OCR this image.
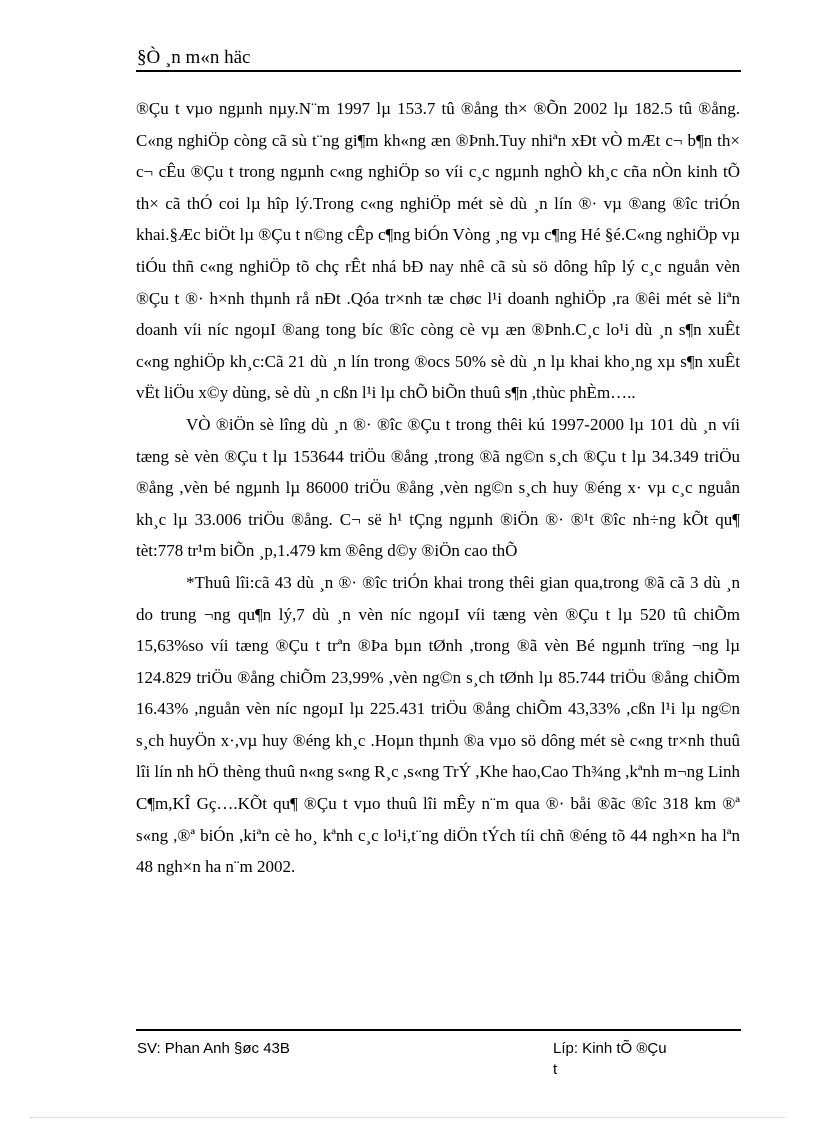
§Ò ¸n m«n häc

®Çu t vµo ngµnh nµy.N¨m 1997 lµ 153.7 tû ®ång th× ®Õn 2002 lµ 182.5 tû ®ång. C«ng nghiÖp còng cã sù t¨ng gi¶m kh«ng æn ®Þnh.Tuy nhiªn xÐt vÒ mÆt c¬ b¶n th× c¬ cÊu ®Çu t trong ngµnh c«ng nghiÖp so víi c¸c ngµnh nghÒ kh¸c cña nÒn kinh tÕ th× cã thÓ coi lµ hîp lý.Trong c«ng nghiÖp mét sè dù ¸n lín ®· vµ ®ang ®îc triÓn khai.§Æc biÖt lµ ®Çu t n©ng cÊp c¶ng biÓn Vòng ¸ng vµ c¶ng Hé §é.C«ng nghiÖp vµ tiÓu thñ c«ng nghiÖp tõ chç rÊt nhá bÐ nay nhê cã sù sö dông hîp lý c¸c nguån vèn ®Çu t ®· h×nh thµnh rå nÐt .Qóa tr×nh tæ chøc l¹i doanh nghiÖp ,ra ®êi mét sè liªn doanh víi níc ngoµI ®ang tong bíc ®îc còng cè vµ æn ®Þnh.C¸c lo¹i dù ¸n s¶n xuÊt c«ng nghiÖp kh¸c:Cã 21 dù ¸n lín trong ®ocs 50% sè dù ¸n lµ khai kho¸ng xµ s¶n xuÊt vËt liÖu x©y dùng, sè dù ¸n cßn l¹i lµ chÕ biÕn thuû s¶n ,thùc phÈm…..

VÒ ®iÖn sè lîng dù ¸n ®· ®îc ®Çu t trong thêi kú 1997-2000 lµ 101 dù ¸n víi tæng sè vèn ®Çu t lµ 153644 triÖu ®ång ,trong ®ã ng©n s¸ch ®Çu t lµ 34.349 triÖu ®ång ,vèn bé ngµnh lµ 86000 triÖu ®ång ,vèn ng©n s¸ch huy ®éng x· vµ c¸c nguån kh¸c lµ 33.006 triÖu ®ång. C¬ së h¹ tÇng ngµnh ®iÖn ®· ®¹t ®îc nh÷ng kÕt qu¶ tèt:778 tr¹m biÕn ¸p,1.479 km ®êng d©y ®iÖn cao thÕ

*Thuû lîi:cã 43 dù ¸n ®· ®îc triÓn khai trong thêi gian qua,trong ®ã cã 3 dù ¸n do trung ¬ng qu¶n lý,7 dù ¸n vèn níc ngoµI víi tæng vèn ®Çu t lµ 520 tû chiÕm 15,63%so víi tæng ®Çu t trªn ®Þa bµn tØnh ,trong ®ã vèn Bé ngµnh trïng ¬ng lµ 124.829 triÖu ®ång chiÕm 23,99% ,vèn ng©n s¸ch tØnh lµ 85.744 triÖu ®ång chiÕm 16.43% ,nguån vèn níc ngoµI lµ 225.431 triÖu ®ång chiÕm 43,33% ,cßn l¹i lµ ng©n s¸ch huyÖn x·,vµ huy ®éng kh¸c .Hoµn thµnh ®a vµo sö dông mét sè c«ng tr×nh thuû lîi lín nh hÖ thèng thuû n«ng s«ng R¸c ,s«ng TrÝ ,Khe hao,Cao Th¾ng ,kªnh m¬ng Linh C¶m,KÎ Gç….KÕt qu¶ ®Çu t vµo thuû lîi mÊy n¨m qua ®· båi ®ãc ®îc 318 km ®ª s«ng ,®ª biÓn ,kiªn cè ho¸ kªnh c¸c lo¹i,t¨ng diÖn tÝch tíi chñ ®éng tõ 44 ngh×n ha lªn 48 ngh×n ha n¨m 2002.

SV: Phan Anh §øc 43B	Líp: Kinh tÕ ®Çu t
